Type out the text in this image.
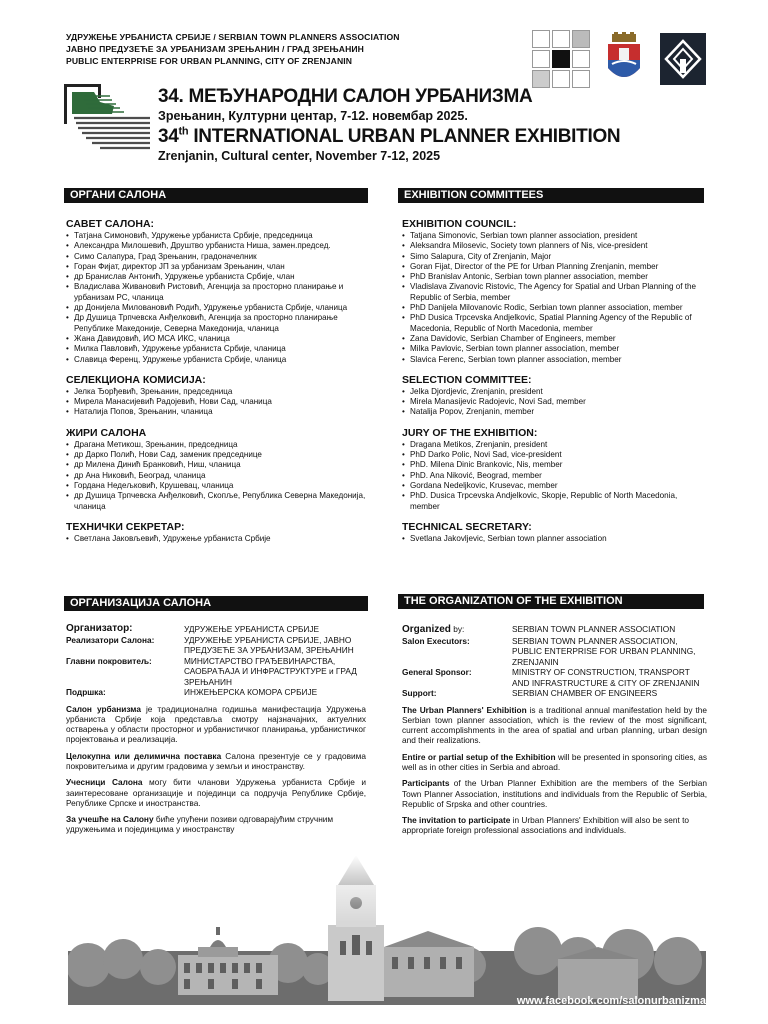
УДРУЖЕЊЕ УРБАНИСТА СРБИЈЕ / SERBIAN TOWN PLANNERS ASSOCIATION
ЈАВНО ПРЕДУЗЕЋЕ ЗА УРБАНИЗАМ ЗРЕЊАНИН / ГРАД ЗРЕЊАНИН
PUBLIC ENTERPRISE FOR URBAN PLANNING, CITY OF ZRENJANIN
34. МЕЂУНАРОДНИ САЛОН УРБАНИЗМА
Зрењанин, Културни центар, 7-12. новембар 2025.
34th INTERNATIONAL URBAN PLANNER EXHIBITION
Zrenjanin, Cultural center, November 7-12, 2025
ОРГАНИ САЛОНА
САВЕТ САЛОНА:
• Татјана Симоновић, Удружење урбаниста Србије, председница
• Александра Милошевић, Друштво урбаниста Ниша, замен.председ.
• Симо Салапура, Град Зрењанин, градоначелник
• Горан Фијат, директор ЈП за урбанизам Зрењанин, члан
• др Бранислав Антонић, Удружење урбаниста Србије, члан
• Владислава Живановић Ристовић, Агенција за просторно планирање и урбанизам РС, чланица
• др Донијела Миловановић Родић, Удружење урбаниста Србије, чланица
• Др Душица Трпчевска Анђелковић, Агенција за просторно планирање Републике Македоније, Северна Македонија, чланица
• Жана Давидовић, ИО МСА ИКС, чланица
• Милка Павловић, Удружење урбаниста Србије, чланица
• Славица Ференц, Удружење урбаниста Србије, чланица
СЕЛЕКЦИОНА КОМИСИЈА:
• Јелка Ђорђевић, Зрењанин, председница
• Мирела Манасијевић Радојевић, Нови Сад, чланица
• Наталија Попов, Зрењанин, чланица
ЖИРИ САЛОНА
• Драгана Метикош, Зрењанин, председница
• др Дарко Полић, Нови Сад, заменик председнице
• др Милена Динић Бранковић, Ниш, чланица
• др Ана Никовић, Београд, чланица
• Гордана Недељковић, Крушевац, чланица
• др Душица Трпчевска Анђелковић, Скопље, Република Северна Македонија, чланица
ТЕХНИЧКИ СЕКРЕТАР:
• Светлана Јаковљевић, Удружење урбаниста Србије
EXHIBITION COMMITTEES
EXHIBITION COUNCIL:
• Tatjana Simonovic, Serbian town planner association, president
• Aleksandra Milosevic, Society town planners of Nis, vice-president
• Simo Salapura, City of Zrenjanin, Major
• Goran Fijat, Director of the PE for Urban Planning Zrenjanin, member
• PhD Branislav Antonic, Serbian town planner association, member
• Vladislava Zivanovic Ristovic, The Agency for Spatial and Urban Planning of the Republic of Serbia, member
• PhD Danijela Milovanovic Rodic, Serbian town planner association, member
• PhD Dusica Trpcevska Andjelkovic, Spatial Planning Agency of the Republic of Macedonia, Republic of North Macedonia, member
• Zana Davidovic, Serbian Chamber of Engineers, member
• Milka Pavlovic, Serbian town planner association, member
• Slavica Ferenc, Serbian town planner association, member
SELECTION COMMITTEE:
• Jelka Djordjevic, Zrenjanin, president
• Mirela Manasijevic Radojevic, Novi Sad, member
• Natalija Popov, Zrenjanin, member
JURY OF THE EXHIBITION:
• Dragana Metikos, Zrenjanin, president
• PhD Darko Polic, Novi Sad, vice-president
• PhD. Milena Dinic Brankovic, Nis, member
• PhD. Ana Niković, Beograd, member
• Gordana Nedeljkovic, Krusevac, member
• PhD. Dusica Trpcevska Andjelkovic, Skopje, Republic of North Macedonia, member
TECHNICAL SECRETARY:
• Svetlana Jakovljevic, Serbian town planner association
ОРГАНИЗАЦИЈА САЛОНА
Организатор:	УДРУЖЕЊЕ УРБАНИСТА СРБИЈЕ
Реализатори Салона:	УДРУЖЕЊЕ УРБАНИСТА СРБИЈЕ, ЈАВНО ПРЕДУЗЕЋЕ ЗА УРБАНИЗАМ, ЗРЕЊАНИН
Главни покровитељ:	МИНИСТАРСТВО ГРАЂЕВИНАРСТВА, САОБРАЋАЈА И ИНФРАСТРУКТУРЕ и ГРАД ЗРЕЊАНИН
Подршка:	ИНЖЕЊЕРСКА КОМОРА СРБИЈЕ

Салон урбанизма је традиционална годишња манифестација Удружења урбаниста Србије која представља смотру најзначајних, актуелних остварења у области просторног и урбанистичког планирања, урбанистичког пројектовања и реализација.

Целокупна или делимична поставка Салона презентује се у градовима покровитељима и другим градовима у земљи и иностранству.

Учесници Салона могу бити чланови Удружења урбаниста Србије и заинтересоване организације и појединци са подручја Републике Србије, Републике Српске и иностранства.

За учешће на Салону биће упућени позиви одговарајућим стручним удружењима и појединцима у иностранству

THE ORGANIZATION OF THE EXHIBITION
Organized by:	SERBIAN TOWN PLANNER ASSOCIATION
Salon Executors:	SERBIAN TOWN PLANNER ASSOCIATION, PUBLIC ENTERPRISE FOR URBAN PLANNING, ZRENJANIN
General Sponsor:	MINISTRY OF CONSTRUCTION, TRANSPORT AND INFRASTRUCTURE & CITY OF ZRENJANIN
Support:	SERBIAN CHAMBER OF ENGINEERS

The Urban Planners' Exhibition is a traditional annual manifestation held by the Serbian town planner association, which is the review of the most significant, current accomplishments in the area of spatial and urban planning, urban design and their realizations.

Entire or partial setup of the Exhibition will be presented in sponsoring cities, as well as in other cities in Serbia and abroad.

Participants of the Urban Planner Exhibition are the members of the Serbian Town Planner Association, institutions and individuals from the Republic of Serbia, Republic of Srpska and other countries.

The invitation to participate in Urban Planners' Exhibition will also be sent to appropriate foreign professional associations and individuals.

www.facebook.com/salonurbanizma
www.uus.org.rs
